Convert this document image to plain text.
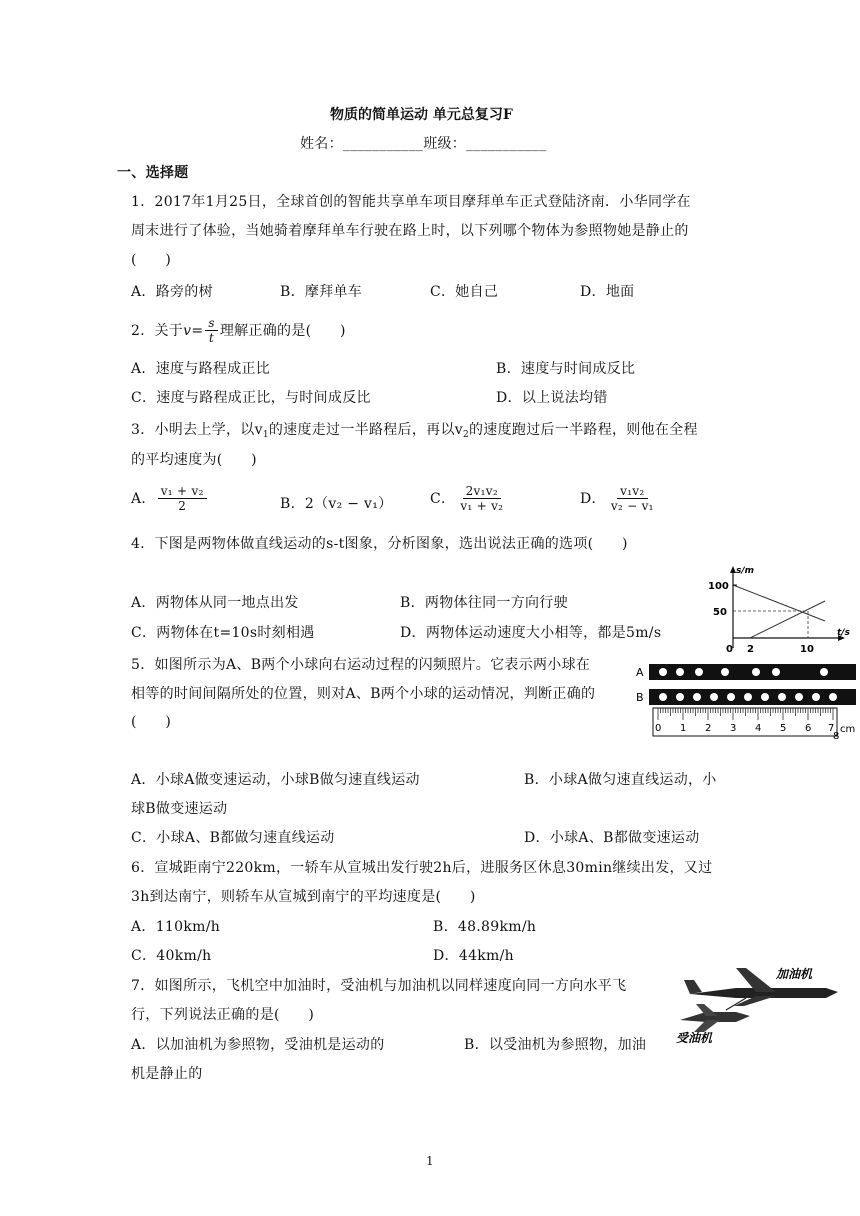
物质的简单运动 单元总复习F
姓名：___________班级：___________
一、选择题
1．2017年1月25日，全球首创的智能共享单车项目摩拜单车正式登陆济南．小华同学在
周末进行了体验，当她骑着摩拜单车行驶在路上时，以下列哪个物体为参照物她是静止的
(　　)
A．路旁的树	B．摩拜单车	C．她自己	D．地面
2．关于 $v= \frac{s}{t}$ 理解正确的是(　　)
A．速度与路程成正比	B．速度与时间成反比
C．速度与路程成正比，与时间成反比	D．以上说法均错
3．小明去上学，以$v_1$的速度走过一半路程后，再以$v_2$的速度跑过后一半路程，则他在全程
的平均速度为(　　)
A． $\frac{\text{v₁ + v₂}}{2}$	B．2（v₂ − v₁）	C． $\frac{\text{2v₁v₂}}{\text{v₁ + v₂}}$	D． $\frac{\text{v₁v₂}}{\text{v₂ − v₁}}$
4．下图是两物体做直线运动的s-t图象，分析图象，选出说法正确的选项(　　)
A．两物体从同一地点出发	B．两物体往同一方向行驶
C．两物体在t=10s时刻相遇	D．两物体运动速度大小相等，都是5m/s
s/m
t/s
100
50
0 2	10
5．如图所示为A、B两个小球向右运动过程的闪频照片。它表示两小球在
相等的时间间隔所处的位置，则对A、B两个小球的运动情况，判断正确的
(　　)
A
B
0 1 2 3 4 5 6 7
8
cm
A．小球A做变速运动，小球B做匀速直线运动	B．小球A做匀速直线运动，小
球B做变速运动
C．小球A、B都做匀速直线运动	D．小球A、B都做变速运动
6．宣城距南宁220km，一轿车从宣城出发行驶2h后，进服务区休息30min继续出发，又过
3h到达南宁，则轿车从宣城到南宁的平均速度是(　　)
A．110km/h	B．48.89km/h
C．40km/h	D．44km/h
7．如图所示，飞机空中加油时，受油机与加油机以同样速度向同一方向水平飞
行，下列说法正确的是(　　)
A．以加油机为参照物，受油机是运动的	B．以受油机为参照物，加油
机是静止的
加油机
受油机
1
